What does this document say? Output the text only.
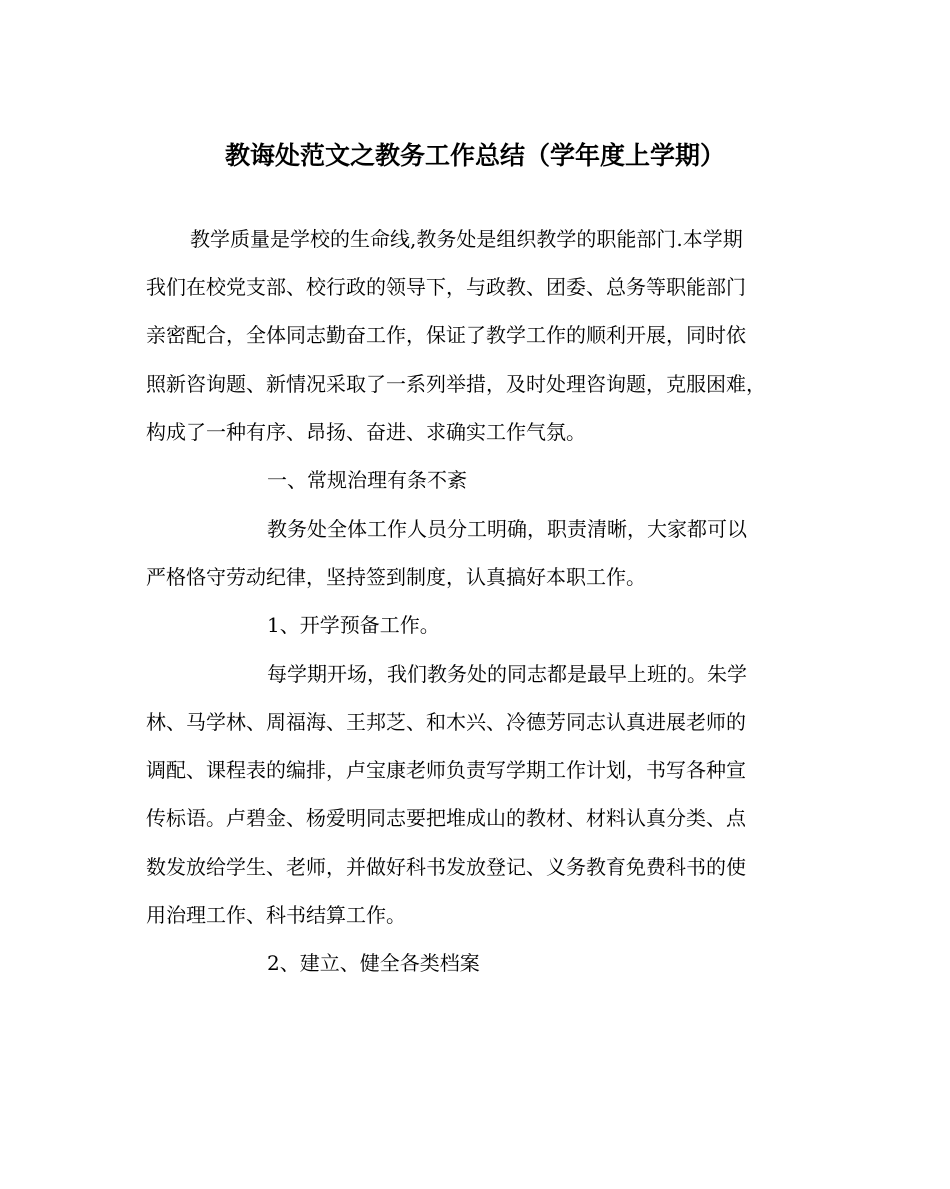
教诲处范文之教务工作总结（学年度上学期）
教学质量是学校的生命线,教务处是组织教学的职能部门.本学期
我们在校党支部、校行政的领导下，与政教、团委、总务等职能部门
亲密配合，全体同志勤奋工作，保证了教学工作的顺利开展，同时依
照新咨询题、新情况采取了一系列举措，及时处理咨询题，克服困难，
构成了一种有序、昂扬、奋进、求确实工作气氛。
一、常规治理有条不紊
教务处全体工作人员分工明确，职责清晰，大家都可以
严格恪守劳动纪律，坚持签到制度，认真搞好本职工作。
1、开学预备工作。
每学期开场，我们教务处的同志都是最早上班的。朱学
林、马学林、周福海、王邦芝、和木兴、冷德芳同志认真进展老师的
调配、课程表的编排，卢宝康老师负责写学期工作计划，书写各种宣
传标语。卢碧金、杨爱明同志要把堆成山的教材、材料认真分类、点
数发放给学生、老师，并做好科书发放登记、义务教育免费科书的使
用治理工作、科书结算工作。
2、建立、健全各类档案
